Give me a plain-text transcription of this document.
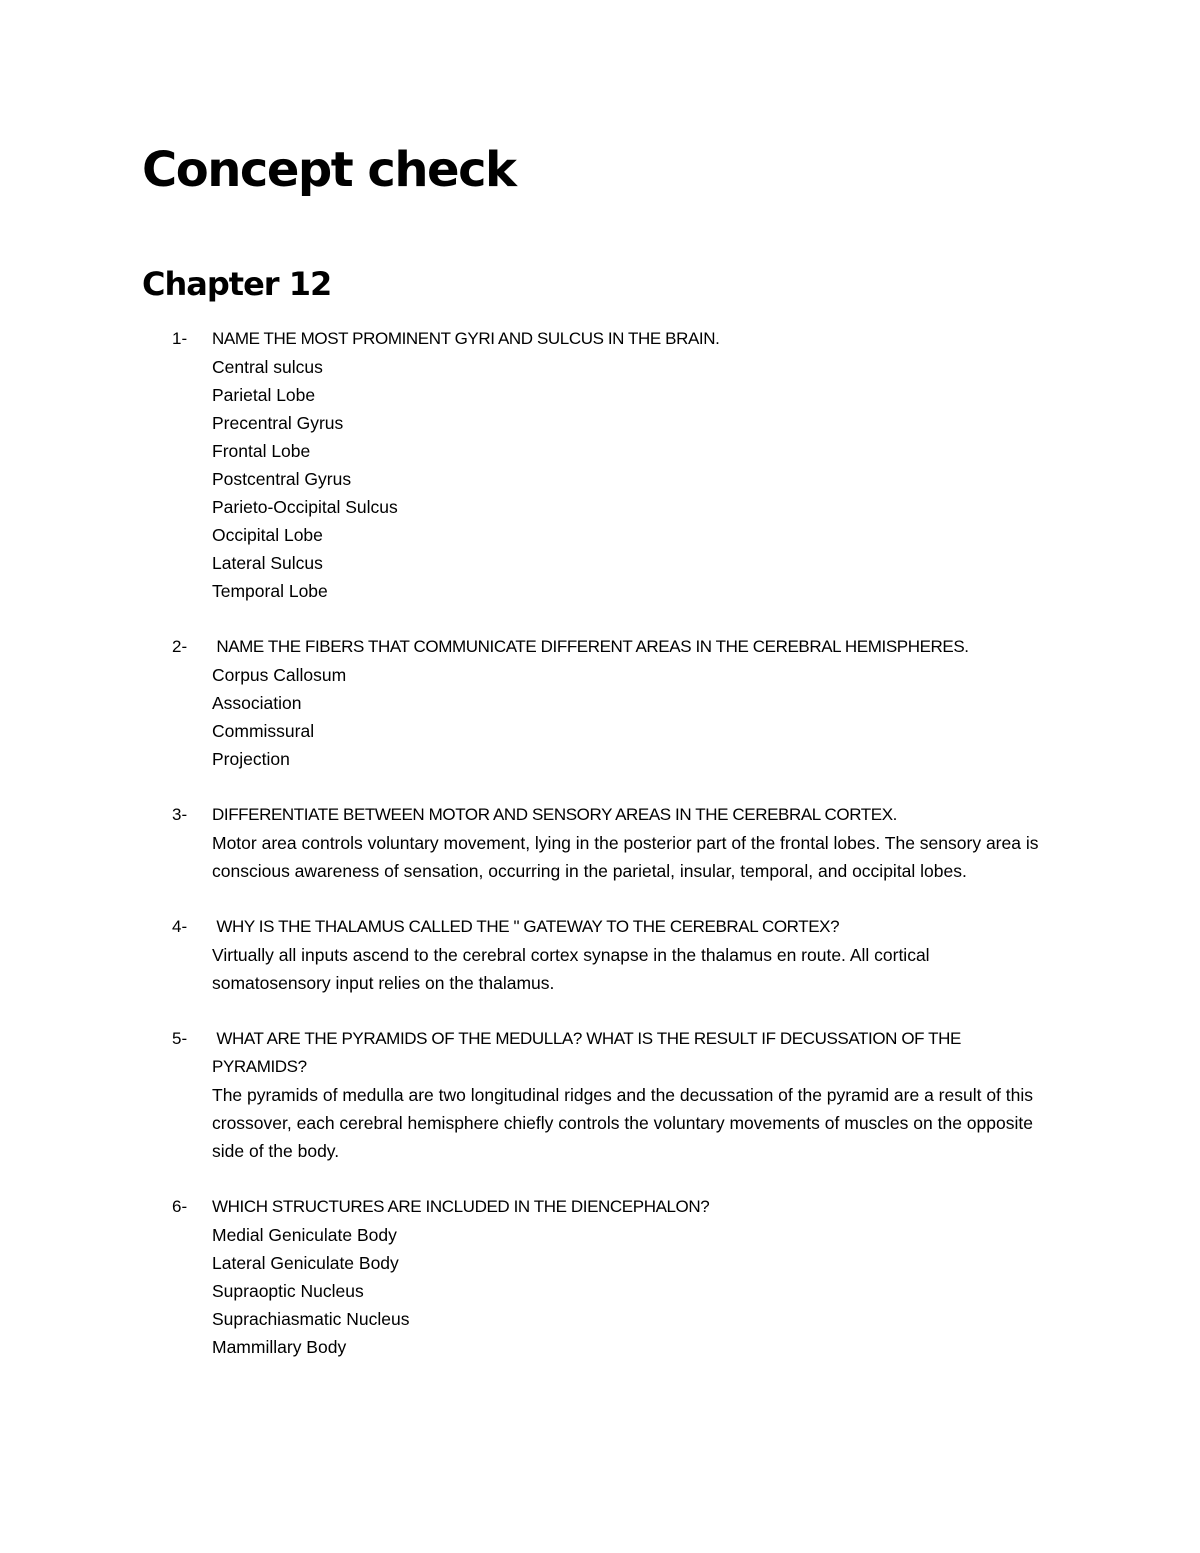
Concept check
Chapter 12
1-	NAME THE MOST PROMINENT GYRI AND SULCUS IN THE BRAIN.
Central sulcus
Parietal Lobe
Precentral Gyrus
Frontal Lobe
Postcentral Gyrus
Parieto-Occipital Sulcus
Occipital Lobe
Lateral Sulcus
Temporal Lobe
2-	NAME THE FIBERS THAT COMMUNICATE DIFFERENT AREAS IN THE CEREBRAL HEMISPHERES.
Corpus Callosum
Association
Commissural
Projection
3-	DIFFERENTIATE BETWEEN MOTOR AND SENSORY AREAS IN THE CEREBRAL CORTEX.

Motor area controls voluntary movement, lying in the posterior part of the frontal lobes. The sensory area is conscious awareness of sensation, occurring in the parietal, insular, temporal, and occipital lobes.

4-	WHY IS THE THALAMUS CALLED THE " GATEWAY TO THE CEREBRAL CORTEX?

Virtually all inputs ascend to the cerebral cortex synapse in the thalamus en route. All cortical somatosensory input relies on the thalamus.

5-	WHAT ARE THE PYRAMIDS OF THE MEDULLA? WHAT IS THE RESULT IF DECUSSATION OF THE PYRAMIDS?

The pyramids of medulla are two longitudinal ridges and the decussation of the pyramid are a result of this crossover, each cerebral hemisphere chiefly controls the voluntary movements of muscles on the opposite side of the body.

6-	WHICH STRUCTURES ARE INCLUDED IN THE DIENCEPHALON?
Medial Geniculate Body
Lateral Geniculate Body
Supraoptic Nucleus
Suprachiasmatic Nucleus
Mammillary Body
